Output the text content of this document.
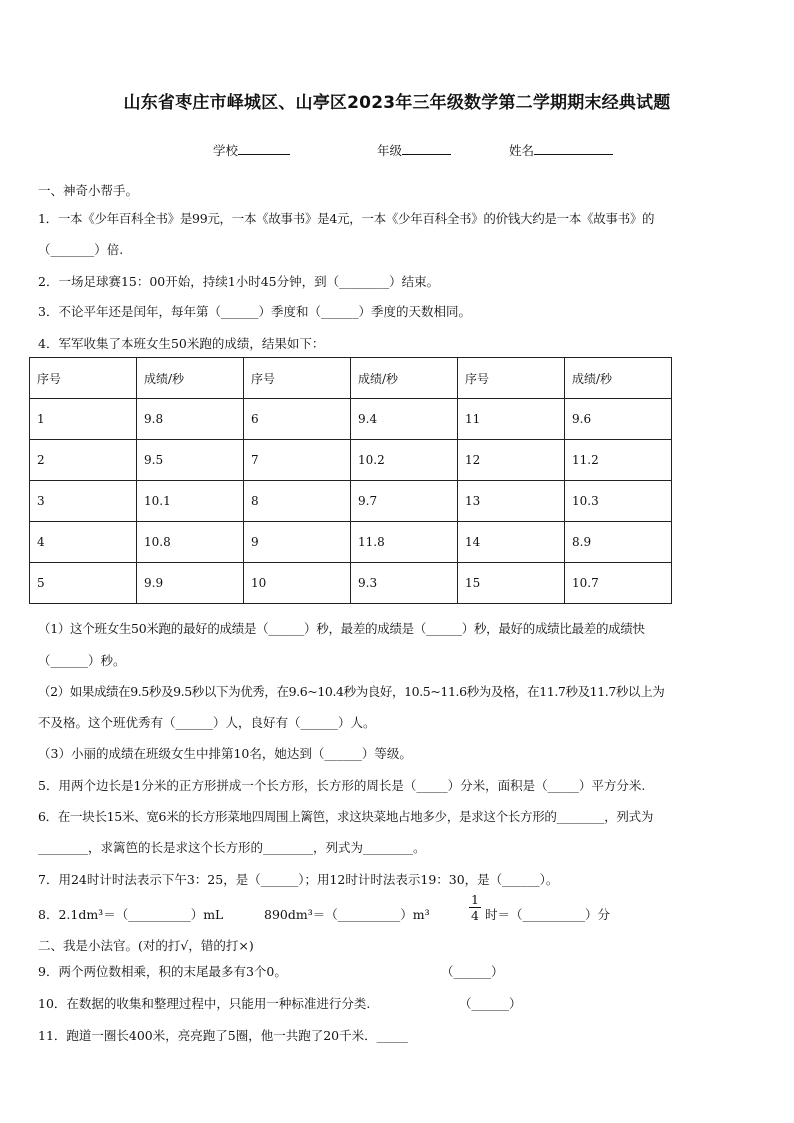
山东省枣庄市峄城区、山亭区2023年三年级数学第二学期期末经典试题
学校	年级	姓名
一、神奇小帮手。
1．一本《少年百科全书》是99元，一本《故事书》是4元，一本《少年百科全书》的价钱大约是一本《故事书》的
（_______）倍.
2．一场足球赛15：00开始，持续1小时45分钟，到（________）结束。
3．不论平年还是闰年，每年第（______）季度和（______）季度的天数相同。
4．军军收集了本班女生50米跑的成绩，结果如下：
序号	成绩/秒	序号	成绩/秒	序号	成绩/秒
1	9.8	6	9.4	11	9.6
2	9.5	7	10.2	12	11.2
3	10.1	8	9.7	13	10.3
4	10.8	9	11.8	14	8.9
5	9.9	10	9.3	15	10.7
（1）这个班女生50米跑的最好的成绩是（______）秒，最差的成绩是（______）秒，最好的成绩比最差的成绩快
（______）秒。
（2）如果成绩在9.5秒及9.5秒以下为优秀，在9.6~10.4秒为良好，10.5~11.6秒为及格，在11.7秒及11.7秒以上为
不及格。这个班优秀有（______）人，良好有（______）人。
（3）小丽的成绩在班级女生中排第10名，她达到（______）等级。
5．用两个边长是1分米的正方形拼成一个长方形，长方形的周长是（_____）分米，面积是（_____）平方分米.
6．在一块长15米、宽6米的长方形菜地四周围上篱笆，求这块菜地占地多少，是求这个长方形的________，列式为
________，求篱笆的长是求这个长方形的________，列式为________。
7．用24时计时法表示下午3：25，是（______）；用12时计时法表示19：30，是（______）。
8．2.1dm³＝（__________）mL	890dm³＝（__________）m³	$\frac{1}{4}$ 时＝（__________）分
二、我是小法官。(对的打√，错的打×)
9．两个两位数相乘，积的末尾最多有3个0。	（______）
10．在数据的收集和整理过程中，只能用一种标准进行分类.	（______）
11．跑道一圈长400米，亮亮跑了5圈，他一共跑了20千米．_____
